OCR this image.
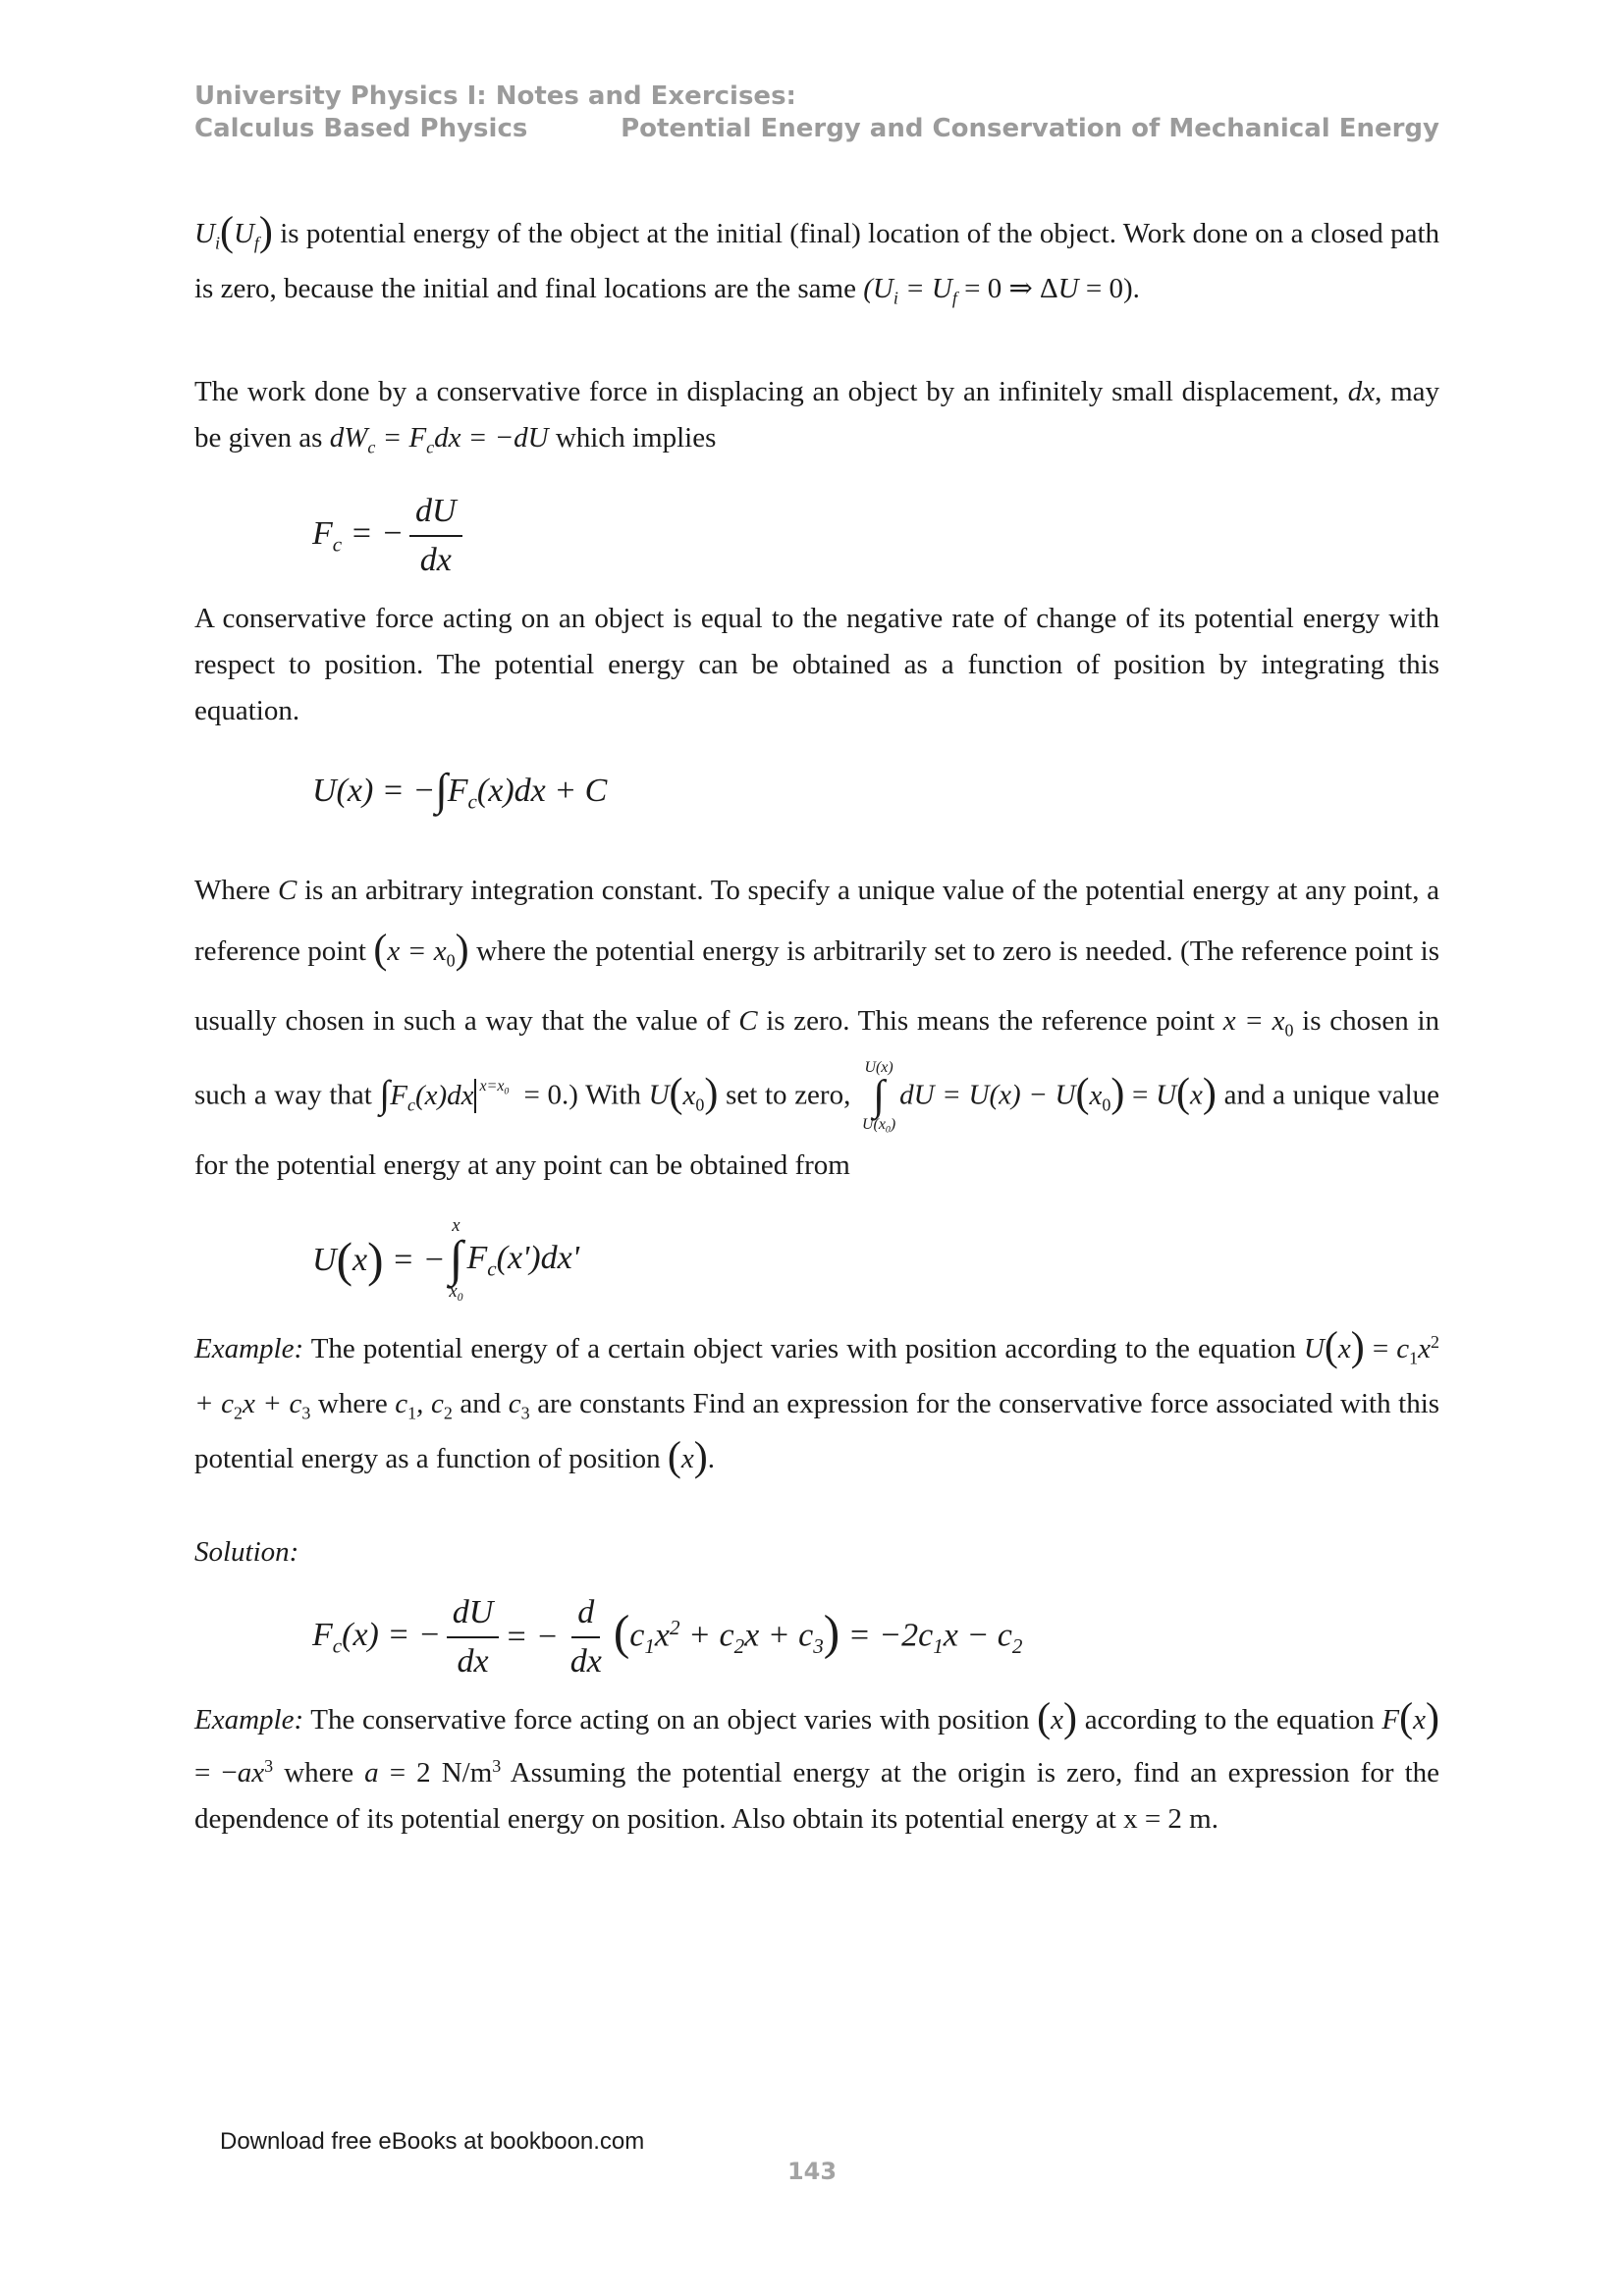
University Physics I: Notes and Exercises:
Calculus Based Physics	Potential Energy and Conservation of Mechanical Energy

$U_i(U_f)$ is potential energy of the object at the initial (final) location of the object. Work done on a closed path is zero, because the initial and final locations are the same ($U_i = U_f = 0$ ⇒ ΔU = 0).

The work done by a conservative force in displacing an object by an infinitely small displacement, dx, may be given as $dW_c = F_cdx = -dU$ which implies

$F_c$ = − $\frac{dU}{dx}$

A conservative force acting on an object is equal to the negative rate of change of its potential energy with respect to position. The potential energy can be obtained as a function of position by integrating this equation.

$U(x) = -\int F_c(x)dx + C$

Where C is an arbitrary integration constant. To specify a unique value of the potential energy at any point, a reference point $(x = x_0)$ where the potential energy is arbitrarily set to zero is needed. (The reference point is usually chosen in such a way that the value of C is zero. This means the reference point $x = x_0$ is chosen in such a way that $\int F_c(x)dx$ $x=x_0 = 0$.) With $U(x_0)$ set to zero,
U(x)
∫
$U(x_0)$
dU = $U(x) - U(x_0) = U(x)$ and a unique value for the potential energy at any point can be obtained from

U ( x ) = −
x
∫
$x_0$
$F_c(x')dx'$

Example: The potential energy of a certain object varies with position according to the equation $U(x) = c_1x^2 + c_2x + c_3$ where $c_1$, $c_2$ and $c_3$ are constants Find an expression for the conservative force associated with this potential energy as a function of position (x).

Solution:

$F_c(x)$ = − $\frac{dU}{dx}$ = − $\frac{d}{dx} (c_1x^2 + c_2x + c_3) = -2c_1x - c_2$

Example: The conservative force acting on an object varies with position (x) according to the equation $F(x) = -ax^3$ where a = 2 $N/m^3$ Assuming the potential energy at the origin is zero, find an expression for the dependence of its potential energy on position. Also obtain its potential energy at x = 2 m.

Download free eBooks at bookboon.com
143
